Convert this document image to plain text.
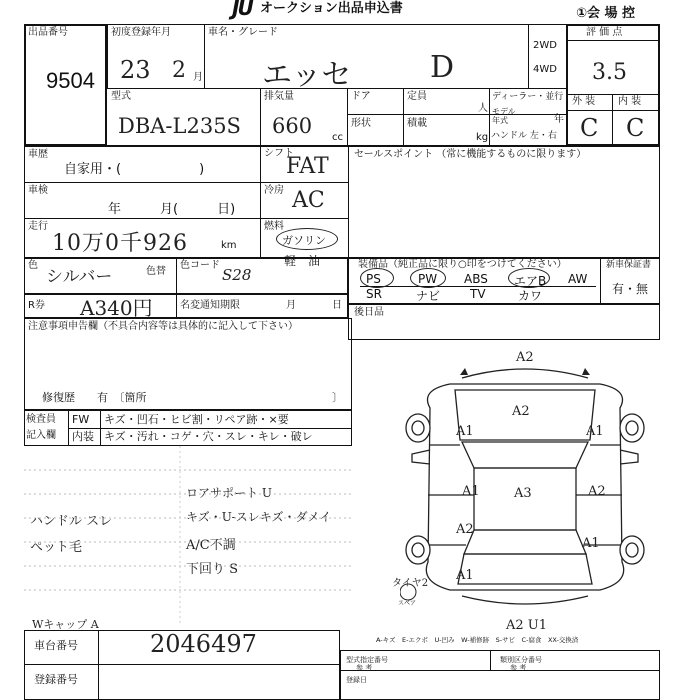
JU オークション出品申込書	①会 場 控
出品番号
9504
初度登録年月
23 2 月
車名・グレード
エッセ	D
2WD
4WD
評 価 点
3.5
型式
DBA-L235S
排気量
660 cc
ドア
形状
定員
人
積載
kg
ディーラー・並行
モデル年式	年
ハンドル 左・右
外 装 内 装
C C
車歴
自家用・(　　　　　　)
車検
年　　　月(　　　日)
シフト
FAT
冷房 AC
セールスポイント （常に機能するものに限ります）
走行
10万0千926	km
燃料
ガソリン
軽　油
色
シルバー	色替
色コード
S28
装備品（純正品に限り○印をつけてください）
PS	PW ABS エアB AW
SR	ナビ TV	カワ
新車保証書
有・無
R券 A340円	名変通知期限	月	日
後日品
注意事項申告欄（不具合内容等は具体的に記入して下さい）
修復歴　　有　〔箇所	〕
検査員
記入欄
FW キズ・凹石・ヒビ割・リペア跡・×要
内装 キズ・汚れ・コゲ・穴・スレ・キレ・破レ
ハンドル スレ
ペット毛
ロアサポート U
キズ・U-スレキズ・ダメイ
A/C不調
下回り S
Wキャップ A
A2
A2
A1	A1
A1	A3	A2
A2
A1
A1
A2 U1
スペア
タイヤ2
A-キズ　E-エクボ　U-凹み　W-補修跡　S-サビ　C-腐食　XX-交換済
車台番号	2046497
登録番号
型式指定番号
参 考
類別区分番号
参 考
登録日
